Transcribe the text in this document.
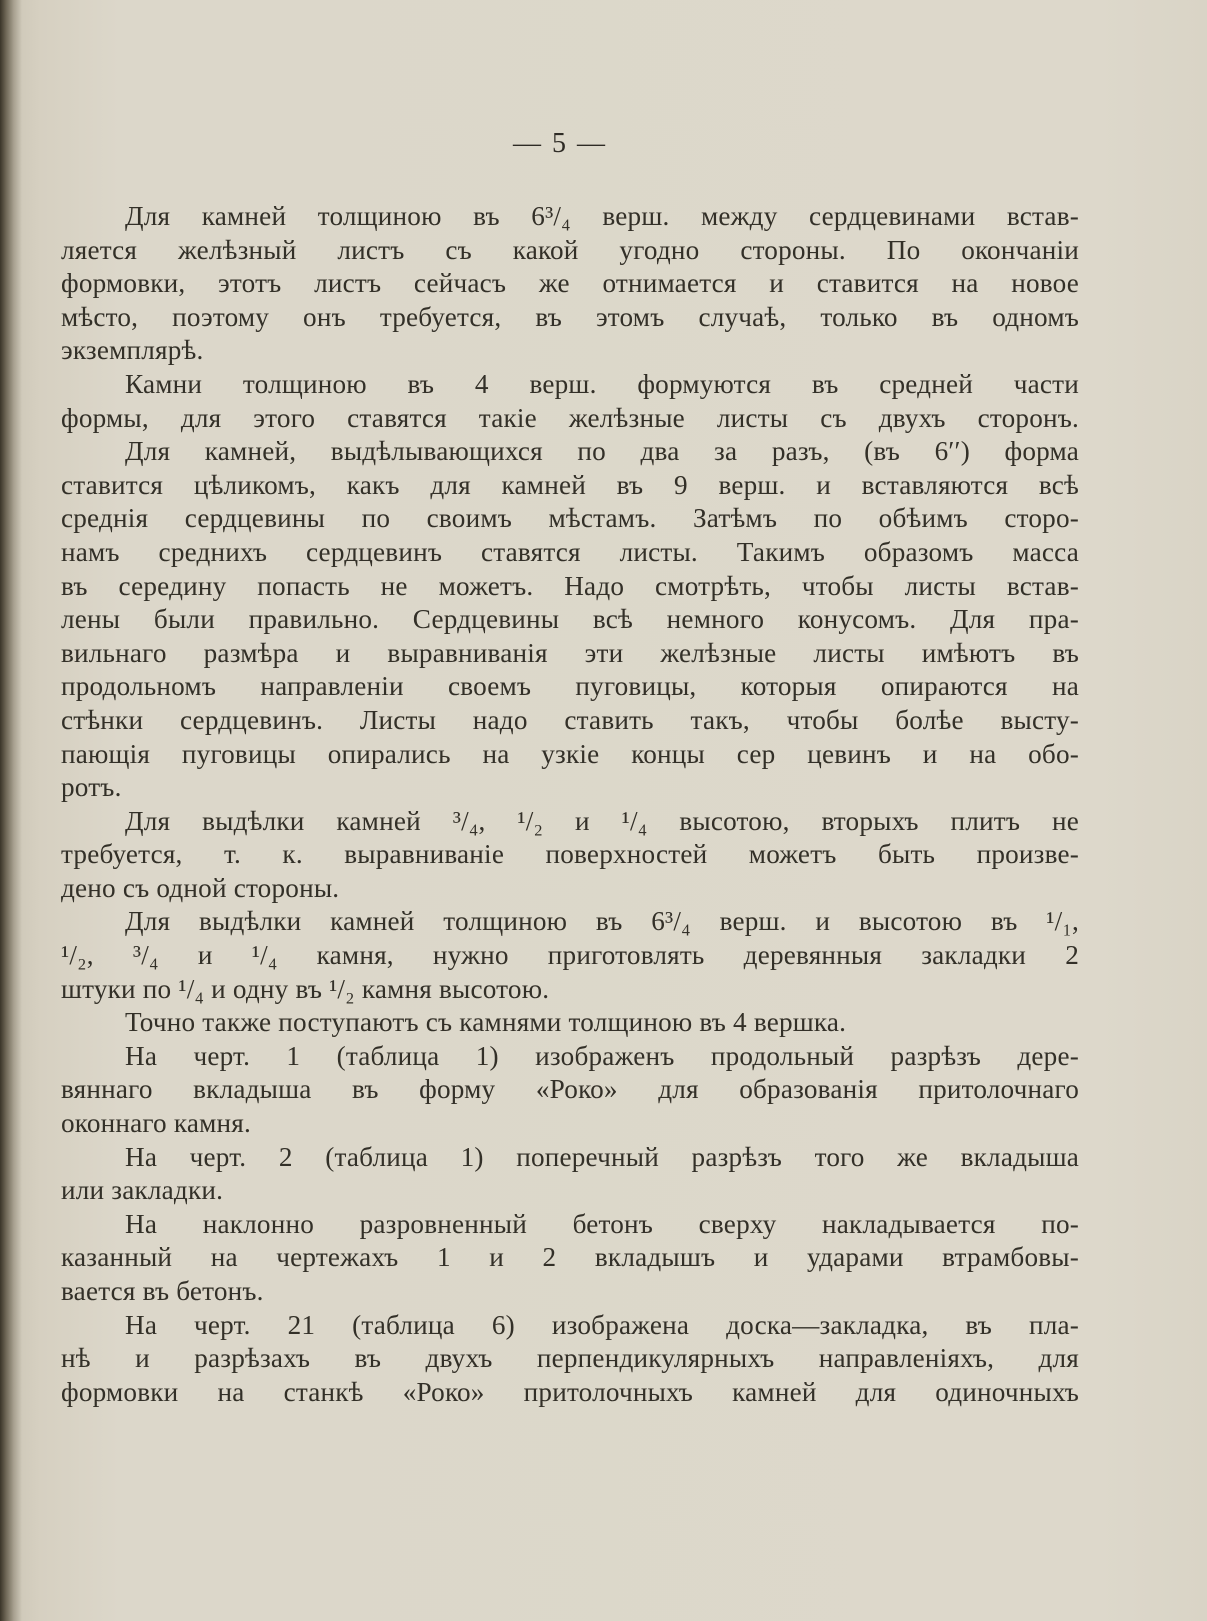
— 5 —
Для камней толщиною въ 6³/₄ верш. между сердцевинами встав-
ляется желѣзный листъ съ какой угодно стороны. По окончаніи
формовки, этотъ листъ сейчасъ же отнимается и ставится на новое
мѣсто, поэтому онъ требуется, въ этомъ случаѣ, только въ одномъ
экземплярѣ.
Камни толщиною въ 4 верш. формуются въ средней части
формы, для этого ставятся такіе желѣзные листы съ двухъ сторонъ.
Для камней, выдѣлывающихся по два за разъ, (въ 6′′) форма
ставится цѣликомъ, какъ для камней въ 9 верш. и вставляются всѣ
среднія сердцевины по своимъ мѣстамъ. Затѣмъ по обѣимъ сторо-
намъ среднихъ сердцевинъ ставятся листы. Такимъ образомъ масса
въ середину попасть не можетъ. Надо смотрѣть, чтобы листы встав-
лены были правильно. Сердцевины всѣ немного конусомъ. Для пра-
вильнаго размѣра и выравниванія эти желѣзные листы имѣютъ въ
продольномъ направленіи своемъ пуговицы, которыя опираются на
стѣнки сердцевинъ. Листы надо ставить такъ, чтобы болѣе высту-
пающія пуговицы опирались на узкіе концы сер цевинъ и на обо-
ротъ.
Для выдѣлки камней ³/₄, ¹/₂ и ¹/₄ высотою, вторыхъ плитъ не
требуется, т. к. выравниваніе поверхностей можетъ быть произве-
дено съ одной стороны.
Для выдѣлки камней толщиною въ 6³/₄ верш. и высотою въ ¹/₁,
¹/₂, ³/₄ и ¹/₄ камня, нужно приготовлять деревянныя закладки 2
штуки по ¹/₄ и одну въ ¹/₂ камня высотою.
Точно также поступаютъ съ камнями толщиною въ 4 вершка.
На черт. 1 (таблица 1) изображенъ продольный разрѣзъ дере-
вяннаго вкладыша въ форму «Роко» для образованія притолочнаго
оконнаго камня.
На черт. 2 (таблица 1) поперечный разрѣзъ того же вкладыша
или закладки.
На наклонно разровненный бетонъ сверху накладывается по-
казанный на чертежахъ 1 и 2 вкладышъ и ударами втрамбовы-
вается въ бетонъ.
На черт. 21 (таблица 6) изображена доска—закладка, въ пла-
нѣ и разрѣзахъ въ двухъ перпендикулярныхъ направленіяхъ, для
формовки на станкѣ «Роко» притолочныхъ камней для одиночныхъ
